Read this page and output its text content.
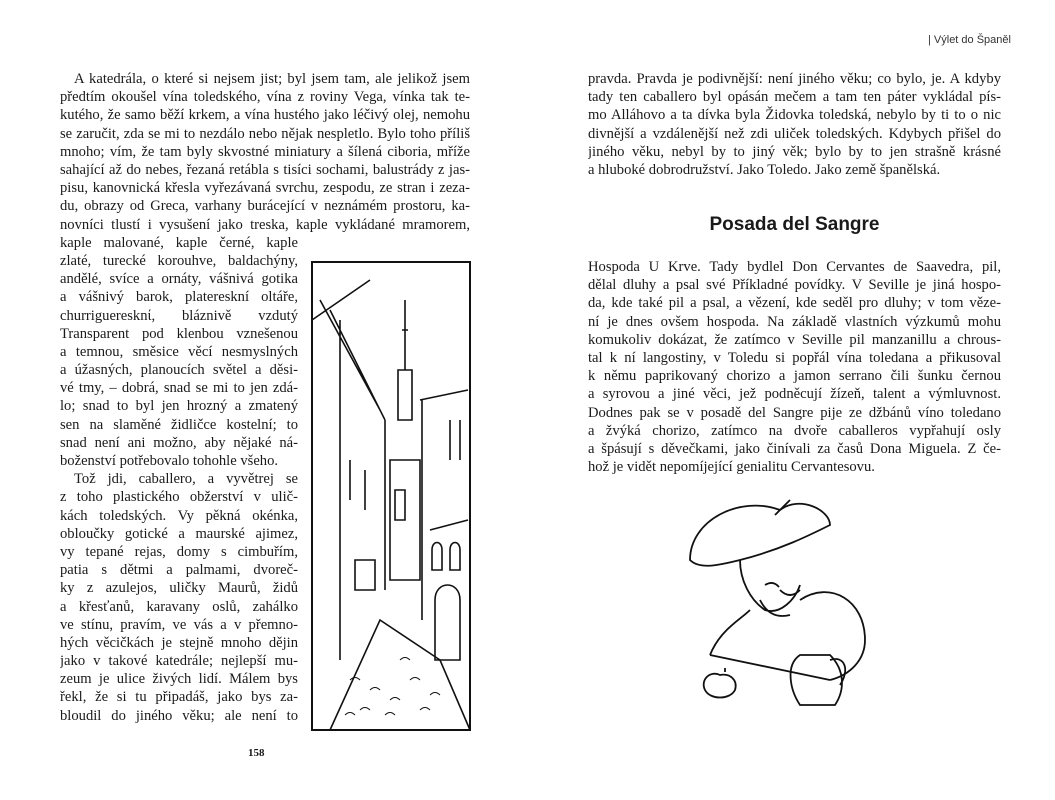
| Výlet do Španěl
A katedrála, o které si nejsem jist; byl jsem tam, ale jelikož jsem
předtím okoušel vína toledského, vína z roviny Vega, vínka tak te-
kutého, že samo běží krkem, a vína hustého jako léčivý olej, nemohu
se zaručit, zda se mi to nezdálo nebo nějak nespletlo. Bylo toho příliš
mnoho; vím, že tam byly skvostné miniatury a šílená ciboria, mříže
sahající až do nebes, řezaná retábla s tisíci sochami, balustrády z jas-
pisu, kanovnická křesla vyřezávaná svrchu, zespodu, ze stran i zeza-
du, obrazy od Greca, varhany burácející v neznámém prostoru, ka-
novníci tlustí i vysušení jako treska, kaple vykládané mramorem,
kaple malované, kaple černé, kaple
zlaté, turecké korouhve, baldachýny,
andělé, svíce a ornáty, vášnivá gotika
a vášnivý barok, platereskní oltáře,
churrigueresknί, bláznivě vzdutý
Transparent pod klenbou vznešenou
a temnou, směsice věcí nesmyslných
a úžasných, planoucích světel a děsi-
vé tmy, – dobrá, snad se mi to jen zdá-
lo; snad to byl jen hrozný a zmatený
sen na slaměné židličce kostelní; to
snad není ani možno, aby nějaké ná-
boženství potřebovalo tohohle všeho.
Tož jdi, caballero, a vyvětrej se
z toho plastického obžerství v ulič-
kách toledských. Vy pěkná okénka,
obloučky gotické a maurské ajimez,
vy tepané rejas, domy s cimbuřím,
patia s dětmi a palmami, dvoreč-
ky z azulejos, uličky Maurů, židů
a křesťanů, karavany oslů, zahálko
ve stínu, pravím, ve vás a v přemno-
hých věcičkách je stejně mnoho dějin
jako v takové katedrále; nejlepší mu-
zeum je ulice živých lidí. Málem bys
řekl, že si tu připadáš, jako bys za-
bloudil do jiného věku; ale není to
158
pravda. Pravda je podivnější: není jiného věku; co bylo, je. A kdyby
tady ten caballero byl opásán mečem a tam ten páter vykládal pís-
mo Alláhovo a ta dívka byla Židovka toledská, nebylo by ti to o nic
divnější a vzdálenější než zdi uliček toledských. Kdybych přišel do
jiného věku, nebyl by to jiný věk; bylo by to jen strašně krásné
a hluboké dobrodružství. Jako Toledo. Jako země španělská.
Posada del Sangre
Hospoda U Krve. Tady bydlel Don Cervantes de Saavedra, pil,
dělal dluhy a psal své Příkladné povídky. V Seville je jiná hospo-
da, kde také pil a psal, a vězení, kde seděl pro dluhy; v tom věze-
ní je dnes ovšem hospoda. Na základě vlastních výzkumů mohu
komukoliv dokázat, že zatímco v Seville pil manzanillu a chrous-
tal k ní langostiny, v Toledu si popřál vína toledana a přikusoval
k němu paprikovaný chorizo a jamon serrano čili šunku černou
a syrovou a jiné věci, jež podněcují žízeň, talent a výmluvnost.
Dodnes pak se v posadě del Sangre pije ze džbánů víno toledano
a žvýká chorizo, zatímco na dvoře caballeros vypřahují osly
a špásují s děvečkami, jako činívali za časů Dona Miguela. Z če-
hož je vidět nepomíjející genialitu Cervantesovu.
